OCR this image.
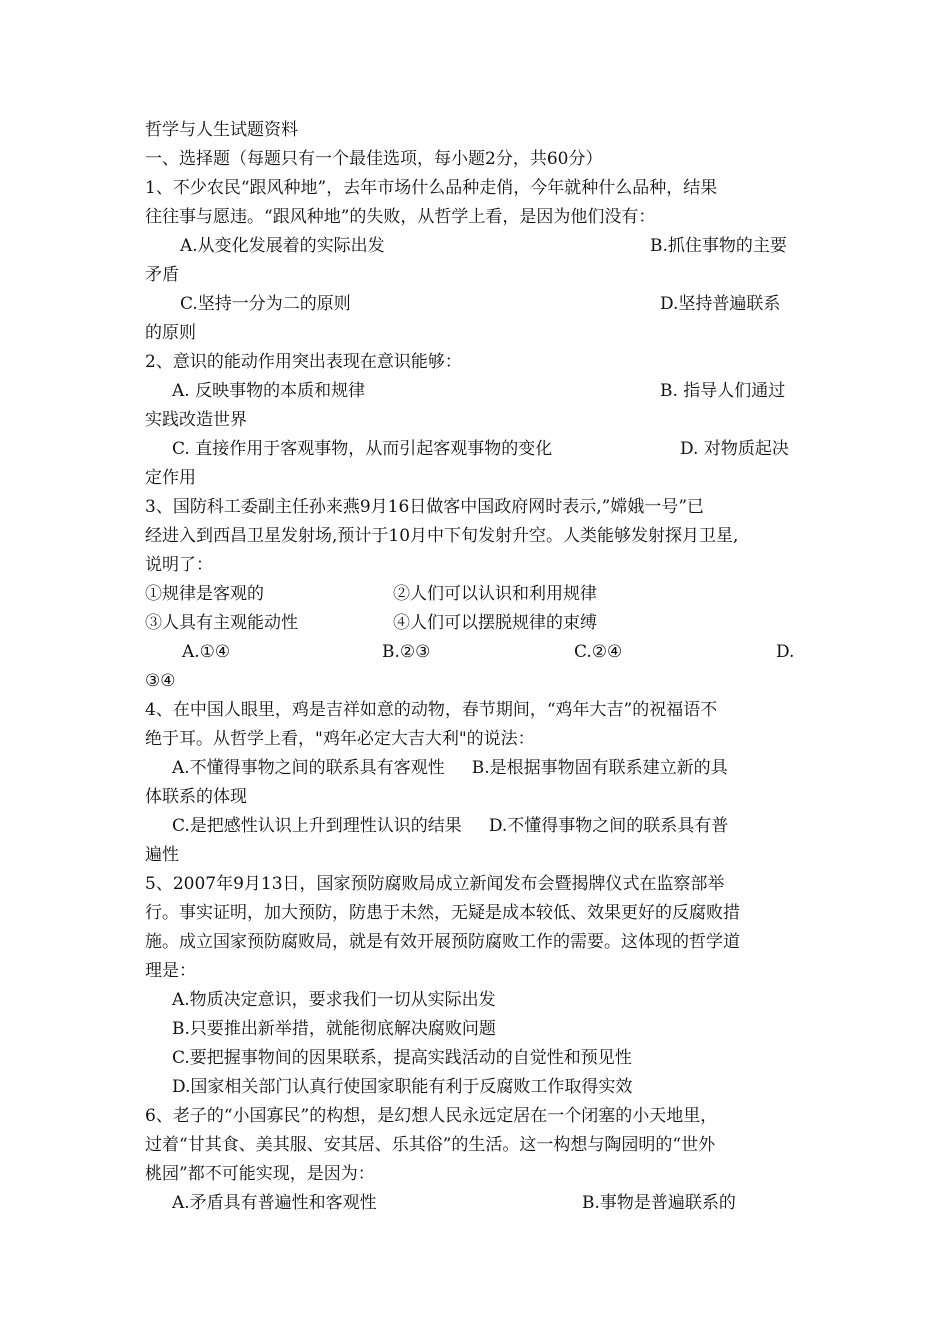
哲学与人生试题资料
一、选择题（每题只有一个最佳选项，每小题2分，共60分）
1、不少农民“跟风种地”，去年市场什么品种走俏，今年就种什么品种，结果
往往事与愿违。“跟风种地”的失败，从哲学上看，是因为他们没有：
A.从变化发展着的实际出发	B.抓住事物的主要
矛盾
C.坚持一分为二的原则	D.坚持普遍联系
的原则
2、意识的能动作用突出表现在意识能够：
A. 反映事物的本质和规律	B. 指导人们通过
实践改造世界
C. 直接作用于客观事物，从而引起客观事物的变化	D. 对物质起决
定作用
3、国防科工委副主任孙来燕9月16日做客中国政府网时表示,”嫦娥一号”已
经进入到西昌卫星发射场,预计于10月中下旬发射升空。人类能够发射探月卫星,
说明了：
①规律是客观的	②人们可以认识和利用规律
③人具有主观能动性	④人们可以摆脱规律的束缚
A.①④	B.②③	C.②④	D.
③④
4、在中国人眼里，鸡是吉祥如意的动物，春节期间，“鸡年大吉”的祝福语不
绝于耳。从哲学上看，"鸡年必定大吉大利"的说法：
A.不懂得事物之间的联系具有客观性     B.是根据事物固有联系建立新的具
体联系的体现
C.是把感性认识上升到理性认识的结果     D.不懂得事物之间的联系具有普
遍性
5、2007年9月13日，国家预防腐败局成立新闻发布会暨揭牌仪式在监察部举
行。事实证明，加大预防，防患于未然，无疑是成本较低、效果更好的反腐败措
施。成立国家预防腐败局，就是有效开展预防腐败工作的需要。这体现的哲学道
理是：
A.物质决定意识，要求我们一切从实际出发
B.只要推出新举措，就能彻底解决腐败问题
C.要把握事物间的因果联系，提高实践活动的自觉性和预见性
D.国家相关部门认真行使国家职能有利于反腐败工作取得实效
6、老子的“小国寡民”的构想，是幻想人民永远定居在一个闭塞的小天地里，
过着“甘其食、美其服、安其居、乐其俗”的生活。这一构想与陶园明的“世外
桃园”都不可能实现，是因为：
A.矛盾具有普遍性和客观性	B.事物是普遍联系的
